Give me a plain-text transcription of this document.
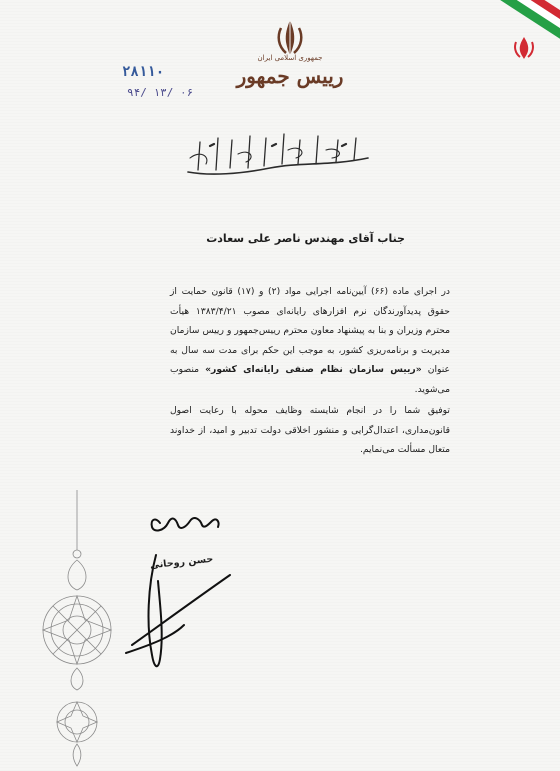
جمهوری اسلامی ایران
رییس جمهور
۲۸۱۱۰
۹۴/ ۱۳/ ۰۶
جناب آقای مهندس ناصر علی سعادت

در اجرای ماده (۶۶) آیین‌نامه اجرایی مواد (۲) و (۱۷) قانون حمایت از حقوق پدیدآورندگان نرم افزارهای رایانه‌ای مصوب ۱۳۸۳/۴/۲۱ هیأت محترم وزیران و بنا به پیشنهاد معاون محترم رییس‌جمهور و رییس سازمان مدیریت و برنامه‌ریزی کشور، به موجب این حکم برای مدت سه سال به عنوان «رییس سازمان نظام صنفی رایانه‌ای کشور» منصوب می‌شوید.

توفیق شما را در انجام شایسته وظایف محوله با رعایت اصول قانون‌مداری، اعتدال‌گرایی و منشور اخلاقی دولت تدبیر و امید، از خداوند متعال مسألت می‌نمایم.

حسن روحانی
